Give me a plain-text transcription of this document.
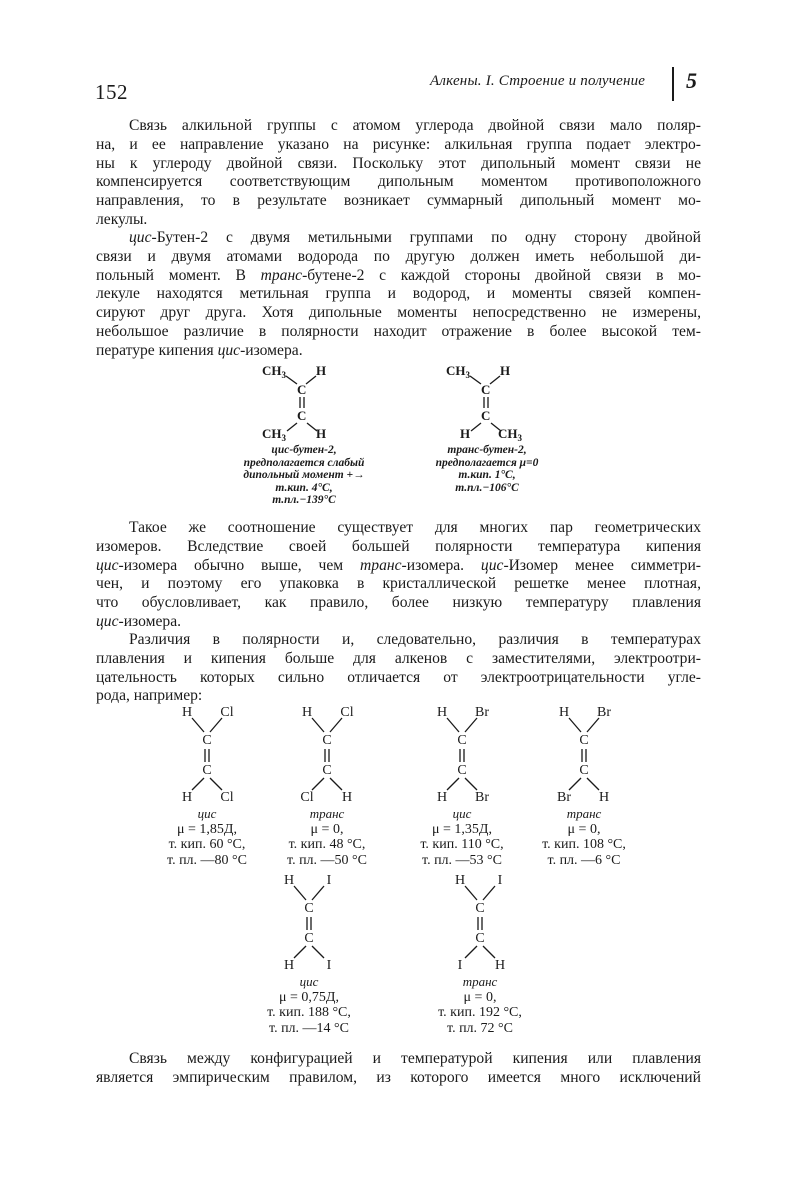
152	Алкены. I. Строение и получение 5
Связь алкильной группы с атомом углерода двойной связи мало поляр-
на, и ее направление указано на рисунке: алкильная группа подает электро-
ны к углероду двойной связи. Поскольку этот дипольный момент связи не
компенсируется соответствующим дипольным моментом противоположного
направления, то в результате возникает суммарный дипольный момент мо-
лекулы.
цис-Бутен-2 с двумя метильными группами по одну сторону двойной
связи и двумя атомами водорода по другую должен иметь небольшой ди-
польный момент. В транс-бутене-2 с каждой стороны двойной связи в мо-
лекуле находятся метильная группа и водород, и моменты связей компен-
сируют друг друга. Хотя дипольные моменты непосредственно не измерены,
небольшое различие в полярности находит отражение в более высокой тем-
пературе кипения цис-изомера.
$CH_3$ H
C
C
$CH_3$ H
$CH_3$ H
C
C
H $CH_3$
цис-бутен-2,
предполагается слабый
дипольный момент +→
т.кип. 4°С,
т.пл.−139°С
транс-бутен-2,
предполагается μ=0
т.кип. 1°С,
т.пл.−106°С
Такое же соотношение существует для многих пар геометрических
изомеров. Вследствие своей большей полярности температура кипения
цис-изомера обычно выше, чем транс-изомера. цис-Изомер менее симметри-
чен, и поэтому его упаковка в кристаллической решетке менее плотная,
что обусловливает, как правило, более низкую температуру плавления
цис-изомера.
Различия в полярности и, следовательно, различия в температурах
плавления и кипения больше для алкенов с заместителями, электроотри-
цательность которых сильно отличается от электроотрицательности угле-
рода, например:
H Cl
C
C
H Cl
цис
μ = 1,85Д,
т. кип. 60 °С,
т. пл. —80 °С
H Cl
C
C
Cl H
транс
μ = 0,
т. кип. 48 °С,
т. пл. —50 °С
H Br
C
C
H Br
цис
μ = 1,35Д,
т. кип. 110 °С,
т. пл. —53 °С
H Br
C
C
Br H
транс
μ = 0,
т. кип. 108 °С,
т. пл. —6 °С
H I
C
C
H I
цис
μ = 0,75Д,
т. кип. 188 °С,
т. пл. —14 °С
H I
C
C
I H
транс
μ = 0,
т. кип. 192 °С,
т. пл. 72 °С
Связь между конфигурацией и температурой кипения или плавления
является эмпирическим правилом, из которого имеется много исключений
